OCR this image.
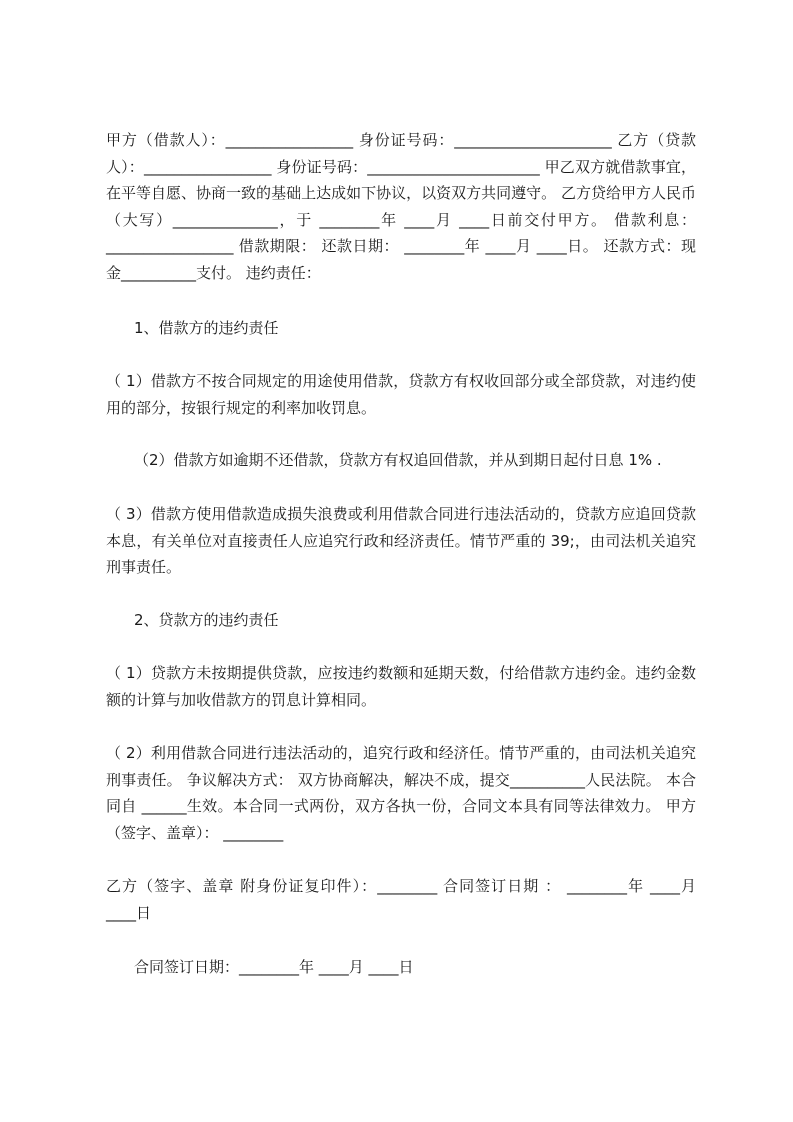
甲方（借款人）：_________________ 身份证号码：_____________________ 乙方（贷款人）：_________________ 身份证号码：_______________________ 甲乙双方就借款事宜，在平等自愿、协商一致的基础上达成如下协议，以资双方共同遵守。 乙方贷给甲方人民币（大写）______________，于 ________年 ____月 ____日前交付甲方。 借款利息：_________________ 借款期限： 还款日期： ________年 ____月 ____日。 还款方式：现金__________支付。 违约责任：

1、借款方的违约责任

（ 1）借款方不按合同规定的用途使用借款，贷款方有权收回部分或全部贷款，对违约使用的部分，按银行规定的利率加收罚息。

（2）借款方如逾期不还借款，贷款方有权追回借款，并从到期日起付日息 1% .

（ 3）借款方使用借款造成损失浪费或利用借款合同进行违法活动的，贷款方应追回贷款本息，有关单位对直接责任人应追究行政和经济责任。情节严重的 39;，由司法机关追究刑事责任。

2、贷款方的违约责任

（ 1）贷款方未按期提供贷款，应按违约数额和延期天数，付给借款方违约金。违约金数额的计算与加收借款方的罚息计算相同。

（ 2）利用借款合同进行违法活动的，追究行政和经济任。情节严重的，由司法机关追究刑事责任。 争议解决方式： 双方协商解决，解决不成，提交__________人民法院。 本合同自 ______生效。本合同一式两份，双方各执一份，合同文本具有同等法律效力。 甲方（签字、盖章）： ________

乙方（签字、盖章 附身份证复印件）：________ 合同签订日期 ： ________年 ____月 ____日

合同签订日期：________年 ____月 ____日
